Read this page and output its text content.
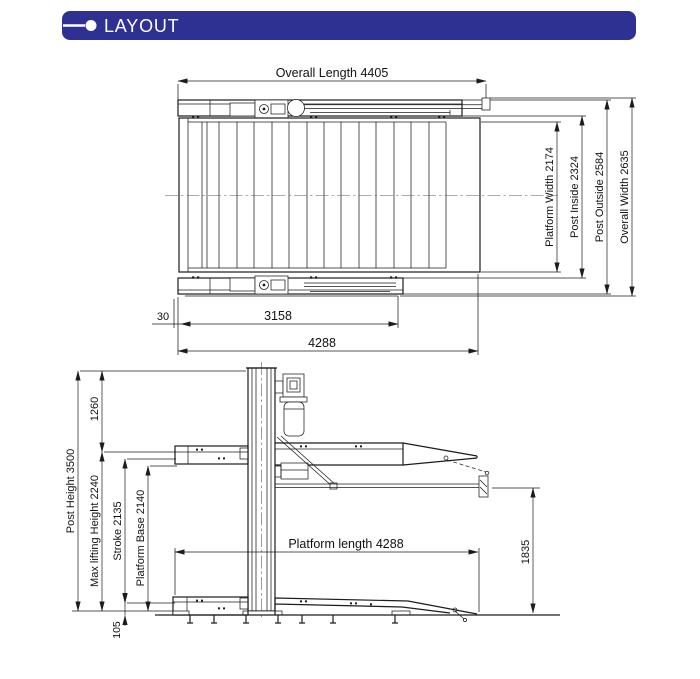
LAYOUT
Overall Length 4405
Platform Width 2174 Post Inside 2324 Post Outside 2584 Overall Width 2635
30	3158
4288
Post Height 3500
1260
Max lifting Height 2240 Stroke 2135 Platform Base 2140
105
Platform length 4288	1835
